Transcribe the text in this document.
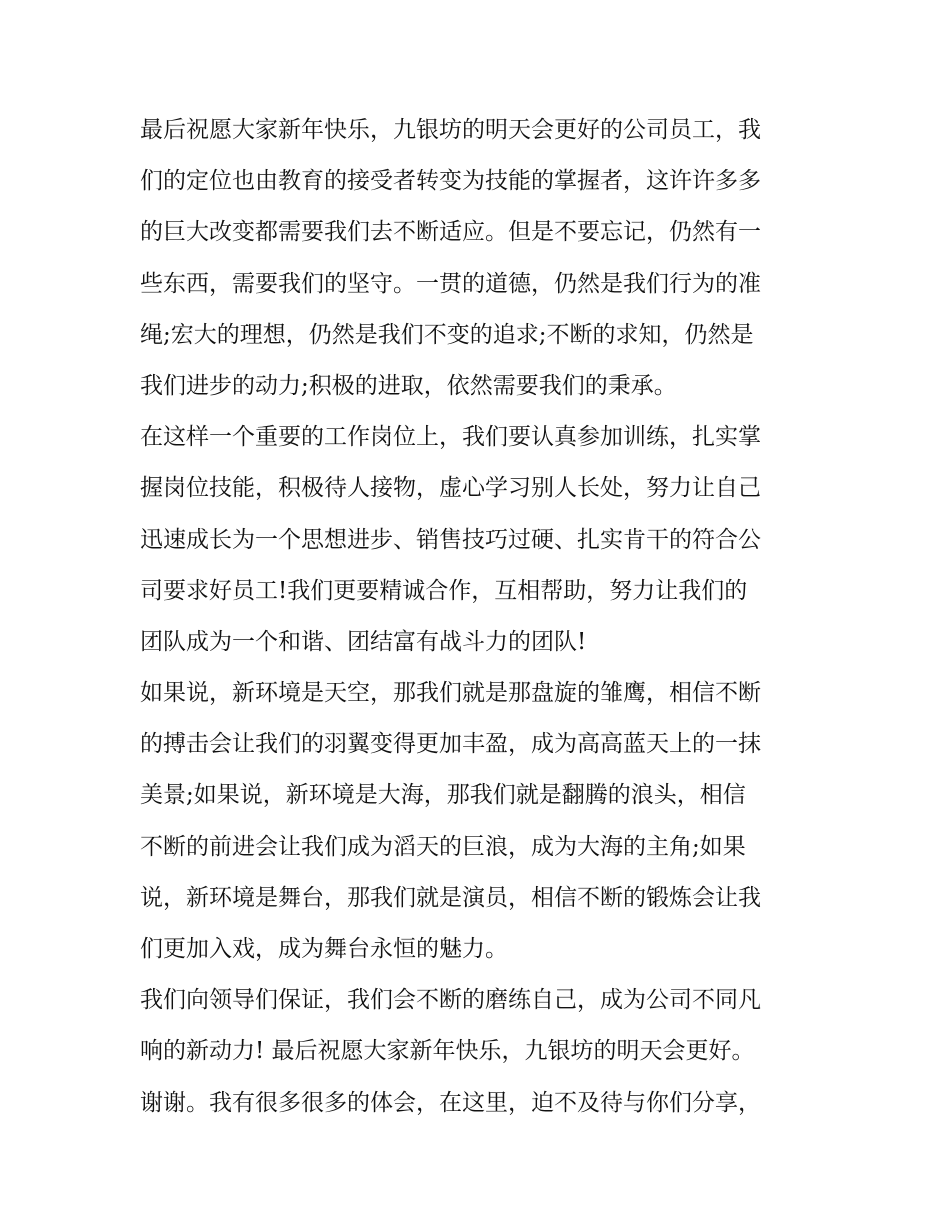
最后祝愿大家新年快乐，九银坊的明天会更好的公司员工，我
们的定位也由教育的接受者转变为技能的掌握者，这许许多多
的巨大改变都需要我们去不断适应。但是不要忘记，仍然有一
些东西，需要我们的坚守。一贯的道德，仍然是我们行为的准
绳;宏大的理想，仍然是我们不变的追求;不断的求知，仍然是
我们进步的动力;积极的进取，依然需要我们的秉承。
在这样一个重要的工作岗位上，我们要认真参加训练，扎实掌
握岗位技能，积极待人接物，虚心学习别人长处，努力让自己
迅速成长为一个思想进步、销售技巧过硬、扎实肯干的符合公
司要求好员工!我们更要精诚合作，互相帮助，努力让我们的
团队成为一个和谐、团结富有战斗力的团队!
如果说，新环境是天空，那我们就是那盘旋的雏鹰，相信不断
的搏击会让我们的羽翼变得更加丰盈，成为高高蓝天上的一抹
美景;如果说，新环境是大海，那我们就是翻腾的浪头，相信
不断的前进会让我们成为滔天的巨浪，成为大海的主角;如果
说，新环境是舞台，那我们就是演员，相信不断的锻炼会让我
们更加入戏，成为舞台永恒的魅力。
我们向领导们保证，我们会不断的磨练自己，成为公司不同凡
响的新动力! 最后祝愿大家新年快乐，九银坊的明天会更好。
谢谢。我有很多很多的体会，在这里，迫不及待与你们分享，
